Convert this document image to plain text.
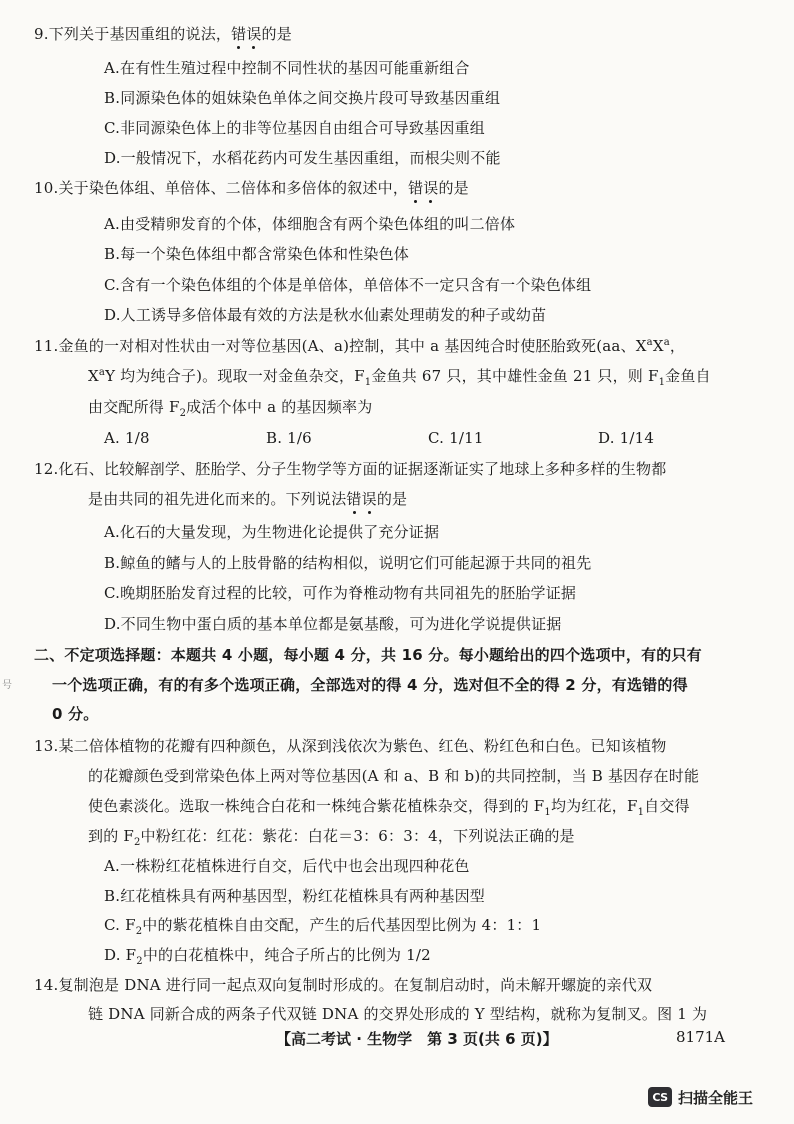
9.下列关于基因重组的说法，错误的是
A.在有性生殖过程中控制不同性状的基因可能重新组合
B.同源染色体的姐妹染色单体之间交换片段可导致基因重组
C.非同源染色体上的非等位基因自由组合可导致基因重组
D.一般情况下，水稻花药内可发生基因重组，而根尖则不能
10.关于染色体组、单倍体、二倍体和多倍体的叙述中，错误的是
A.由受精卵发育的个体，体细胞含有两个染色体组的叫二倍体
B.每一个染色体组中都含常染色体和性染色体
C.含有一个染色体组的个体是单倍体，单倍体不一定只含有一个染色体组
D.人工诱导多倍体最有效的方法是秋水仙素处理萌发的种子或幼苗
11.金鱼的一对相对性状由一对等位基因(A、a)控制，其中 a 基因纯合时使胚胎致死(aa、$X^aX^a$，
$X^aY$ 均为纯合子)。现取一对金鱼杂交，$F_1$金鱼共 67 只，其中雄性金鱼 21 只，则 $F_1$金鱼自
由交配所得 $F_2$成活个体中 a 的基因频率为
A. 1/8	B. 1/6	C. 1/11	D. 1/14
12.化石、比较解剖学、胚胎学、分子生物学等方面的证据逐渐证实了地球上多种多样的生物都
是由共同的祖先进化而来的。下列说法错误的是
A.化石的大量发现，为生物进化论提供了充分证据
B.鲸鱼的鳍与人的上肢骨骼的结构相似，说明它们可能起源于共同的祖先
C.晚期胚胎发育过程的比较，可作为脊椎动物有共同祖先的胚胎学证据
D.不同生物中蛋白质的基本单位都是氨基酸，可为进化学说提供证据
二、不定项选择题：本题共 4 小题，每小题 4 分，共 16 分。每小题给出的四个选项中，有的只有
一个选项正确，有的有多个选项正确，全部选对的得 4 分，选对但不全的得 2 分，有选错的得
0 分。
13.某二倍体植物的花瓣有四种颜色，从深到浅依次为紫色、红色、粉红色和白色。已知该植物
的花瓣颜色受到常染色体上两对等位基因(A 和 a、B 和 b)的共同控制，当 B 基因存在时能
使色素淡化。选取一株纯合白花和一株纯合紫花植株杂交，得到的 $F_1$均为红花，$F_1$自交得
到的 $F_2$中粉红花：红花：紫花：白花＝3：6：3：4，下列说法正确的是
A.一株粉红花植株进行自交，后代中也会出现四种花色
B.红花植株具有两种基因型，粉红花植株具有两种基因型
C. $F_2$中的紫花植株自由交配，产生的后代基因型比例为 4：1：1
D. $F_2$中的白花植株中，纯合子所占的比例为 1/2
14.复制泡是 DNA 进行同一起点双向复制时形成的。在复制启动时，尚未解开螺旋的亲代双
链 DNA 同新合成的两条子代双链 DNA 的交界处形成的 Y 型结构，就称为复制叉。图 1 为
【高二考试 · 生物学　第 3 页(共 6 页)】	8171A
号
CS 扫描全能王
